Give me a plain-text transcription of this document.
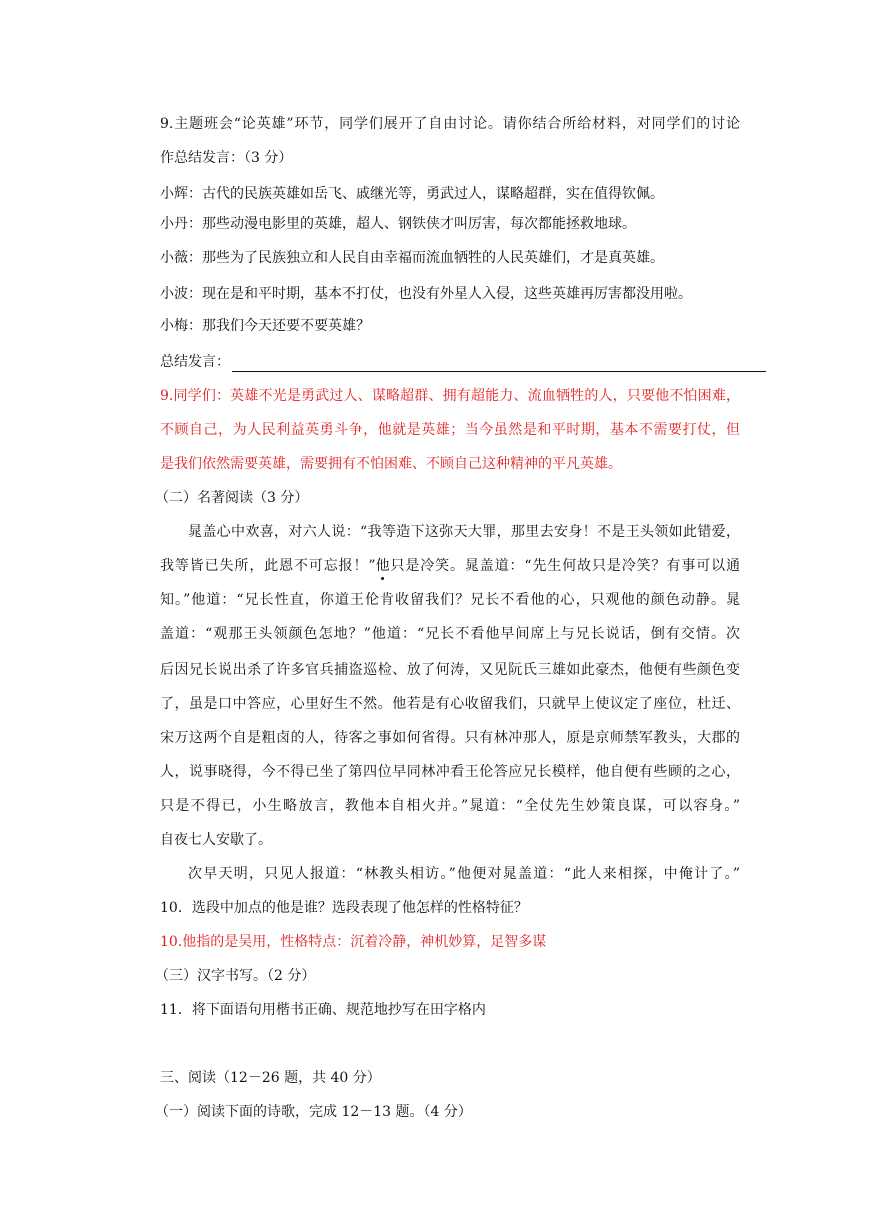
9.主题班会“论英雄”环节，同学们展开了自由讨论。请你结合所给材料，对同学们的讨论
作总结发言：（3 分）
小辉：古代的民族英雄如岳飞、戚继光等，勇武过人，谋略超群，实在值得钦佩。
小丹：那些动漫电影里的英雄，超人、钢铁侠才叫厉害，每次都能拯救地球。
小薇：那些为了民族独立和人民自由幸福而流血牺牲的人民英雄们，才是真英雄。
小波：现在是和平时期，基本不打仗，也没有外星人入侵，这些英雄再厉害都没用啦。
小梅：那我们今天还要不要英雄？
总结发言：
9.同学们：英雄不光是勇武过人、谋略超群、拥有超能力、流血牺牲的人，只要他不怕困难，
不顾自己，为人民利益英勇斗争，他就是英雄；当今虽然是和平时期，基本不需要打仗，但
是我们依然需要英雄，需要拥有不怕困难、不顾自己这种精神的平凡英雄。
（二）名著阅读（3 分）
晁盖心中欢喜，对六人说：“我等造下这弥天大罪，那里去安身！不是王头领如此错爱，
我等皆已失所，此恩不可忘报！”他只是冷笑。晁盖道：“先生何故只是冷笑？有事可以通
知。”他道：“兄长性直，你道王伦肯收留我们？兄长不看他的心，只观他的颜色动静。晁
盖道：“观那王头领颜色怎地？”他道：“兄长不看他早间席上与兄长说话，倒有交情。次
后因兄长说出杀了许多官兵捕盗巡检、放了何涛，又见阮氏三雄如此豪杰，他便有些颜色变
了，虽是口中答应，心里好生不然。他若是有心收留我们，只就早上使议定了座位，杜迁、
宋万这两个自是粗卤的人，待客之事如何省得。只有林冲那人，原是京师禁军教头，大郡的
人，说事晓得，今不得已坐了第四位早同林冲看王伦答应兄长模样，他自便有些顾的之心，
只是不得已，小生略放言，教他本自相火并。”晁道：“全仗先生妙策良谋，可以容身。”
自夜七人安歇了。
次早天明，只见人报道：“林教头相访。”他便对晁盖道：“此人来相探，中俺计了。”
10．选段中加点的他是谁？选段表现了他怎样的性格特征？
10.他指的是吴用，性格特点：沉着冷静，神机妙算，足智多谋
（三）汉字书写。（2 分）
11．将下面语句用楷书正确、规范地抄写在田字格内
三、阅读（12－26 题，共 40 分）
（一）阅读下面的诗歌，完成 12－13 题。（4 分）
